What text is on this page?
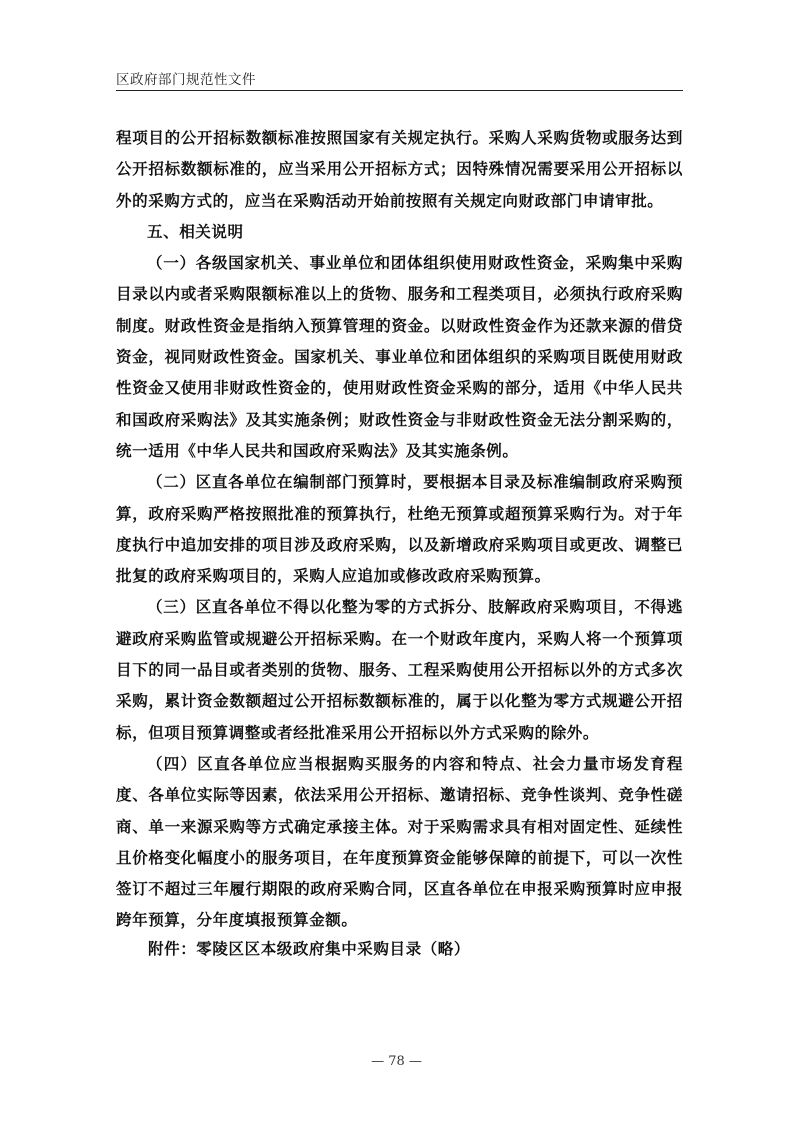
区政府部门规范性文件

程项目的公开招标数额标准按照国家有关规定执行。采购人采购货物或服务达到公开招标数额标准的，应当采用公开招标方式；因特殊情况需要采用公开招标以外的采购方式的，应当在采购活动开始前按照有关规定向财政部门申请审批。

五、相关说明

（一）各级国家机关、事业单位和团体组织使用财政性资金，采购集中采购目录以内或者采购限额标准以上的货物、服务和工程类项目，必须执行政府采购制度。财政性资金是指纳入预算管理的资金。以财政性资金作为还款来源的借贷资金，视同财政性资金。国家机关、事业单位和团体组织的采购项目既使用财政性资金又使用非财政性资金的，使用财政性资金采购的部分，适用《中华人民共和国政府采购法》及其实施条例；财政性资金与非财政性资金无法分割采购的，统一适用《中华人民共和国政府采购法》及其实施条例。

（二）区直各单位在编制部门预算时，要根据本目录及标准编制政府采购预算，政府采购严格按照批准的预算执行，杜绝无预算或超预算采购行为。对于年度执行中追加安排的项目涉及政府采购，以及新增政府采购项目或更改、调整已批复的政府采购项目的，采购人应追加或修改政府采购预算。

（三）区直各单位不得以化整为零的方式拆分、肢解政府采购项目，不得逃避政府采购监管或规避公开招标采购。在一个财政年度内，采购人将一个预算项目下的同一品目或者类别的货物、服务、工程采购使用公开招标以外的方式多次采购，累计资金数额超过公开招标数额标准的，属于以化整为零方式规避公开招标，但项目预算调整或者经批准采用公开招标以外方式采购的除外。

（四）区直各单位应当根据购买服务的内容和特点、社会力量市场发育程度、各单位实际等因素，依法采用公开招标、邀请招标、竞争性谈判、竞争性磋商、单一来源采购等方式确定承接主体。对于采购需求具有相对固定性、延续性且价格变化幅度小的服务项目，在年度预算资金能够保障的前提下，可以一次性签订不超过三年履行期限的政府采购合同，区直各单位在申报采购预算时应申报跨年预算，分年度填报预算金额。

附件：零陵区区本级政府集中采购目录（略）
— 78 —
